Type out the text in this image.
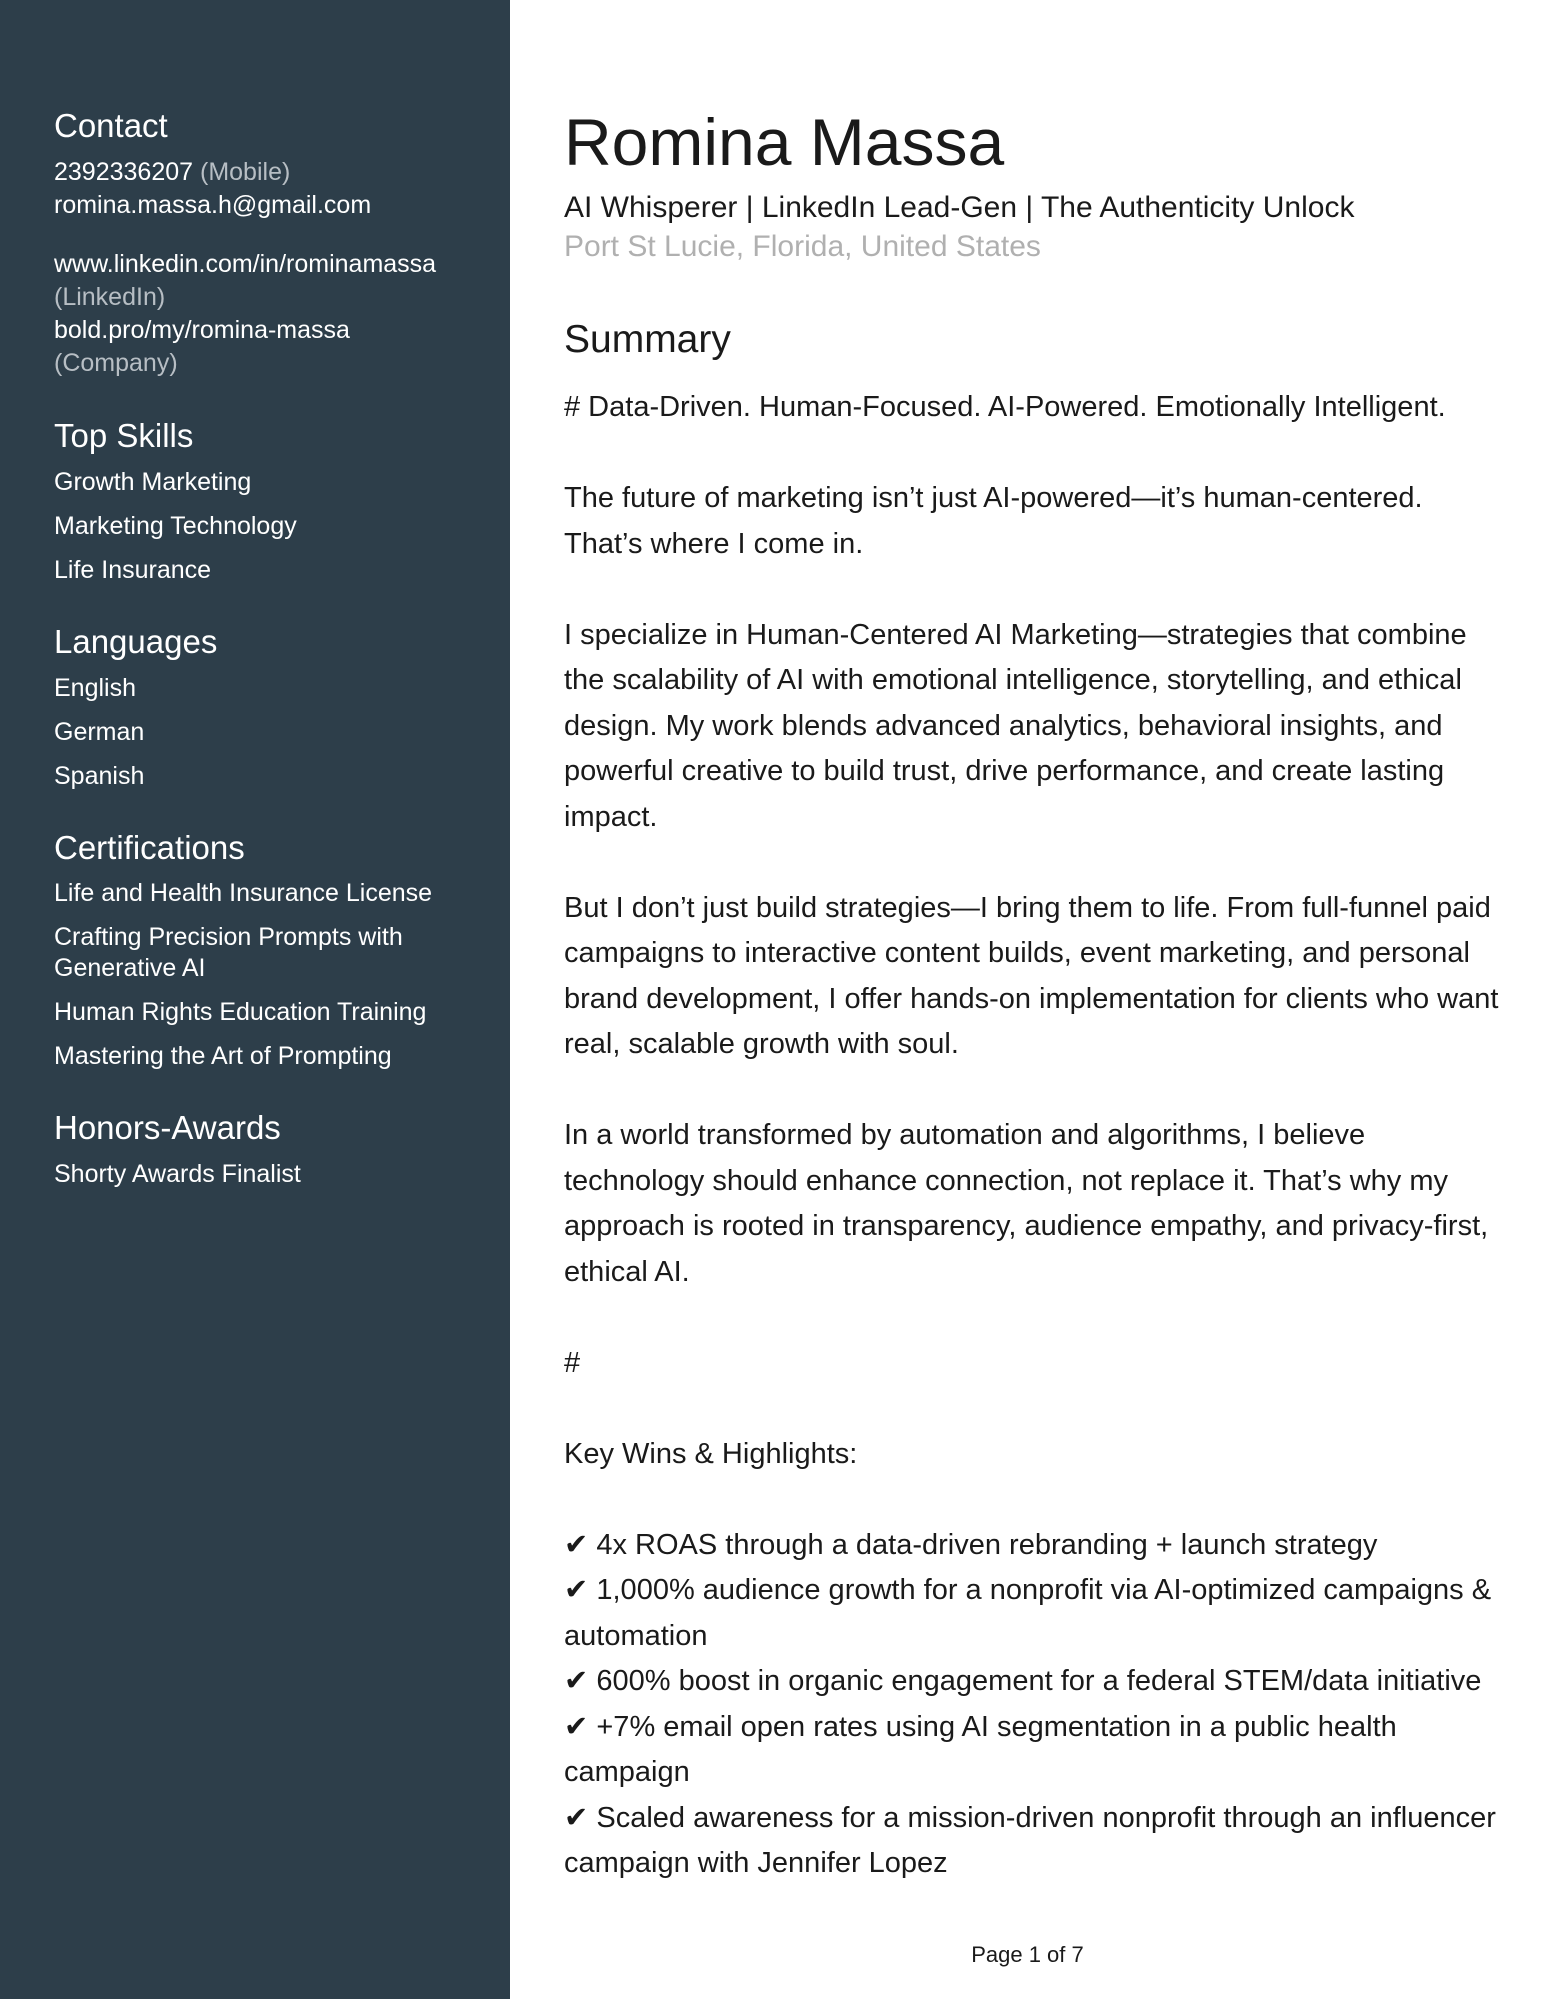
Contact
2392336207 (Mobile)
romina.massa.h@gmail.com
www.linkedin.com/in/rominamassa
(LinkedIn)
bold.pro/my/romina-massa
(Company)
Top Skills
Growth Marketing
Marketing Technology
Life Insurance
Languages
English
German
Spanish
Certifications
Life and Health Insurance License
Crafting Precision Prompts with Generative AI
Human Rights Education Training
Mastering the Art of Prompting
Honors-Awards
Shorty Awards Finalist
Romina Massa
AI Whisperer | LinkedIn Lead-Gen | The Authenticity Unlock
Port St Lucie, Florida, United States
Summary
# Data-Driven. Human-Focused. AI-Powered. Emotionally Intelligent.
The future of marketing isn’t just AI-powered—it’s human-centered. That’s where I come in.
I specialize in Human-Centered AI Marketing—strategies that combine the scalability of AI with emotional intelligence, storytelling, and ethical design. My work blends advanced analytics, behavioral insights, and powerful creative to build trust, drive performance, and create lasting impact.
But I don’t just build strategies—I bring them to life. From full-funnel paid campaigns to interactive content builds, event marketing, and personal brand development, I offer hands-on implementation for clients who want real, scalable growth with soul.
In a world transformed by automation and algorithms, I believe technology should enhance connection, not replace it. That’s why my approach is rooted in transparency, audience empathy, and privacy-first, ethical AI.
#
Key Wins & Highlights:
✔ 4x ROAS through a data-driven rebranding + launch strategy
✔ 1,000% audience growth for a nonprofit via AI-optimized campaigns & automation
✔ 600% boost in organic engagement for a federal STEM/data initiative
✔ +7% email open rates using AI segmentation in a public health campaign
✔ Scaled awareness for a mission-driven nonprofit through an influencer campaign with Jennifer Lopez
Page 1 of 7
